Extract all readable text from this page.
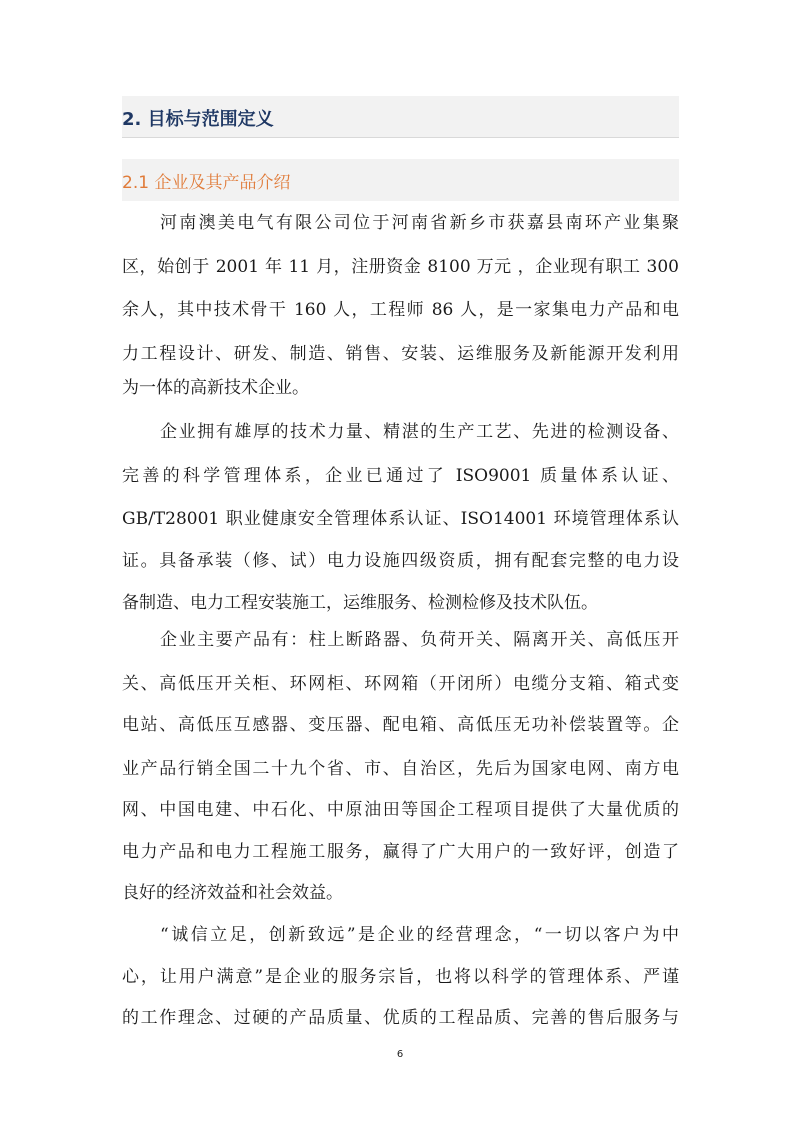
2. 目标与范围定义
2.1 企业及其产品介绍
河南澳美电气有限公司位于河南省新乡市获嘉县南环产业集聚
区，始创于 2001 年 11 月，注册资金 8100 万元 ，企业现有职工 300
余人，其中技术骨干 160 人，工程师 86 人，是一家集电力产品和电
力工程设计、研发、制造、销售、安装、运维服务及新能源开发利用
为一体的高新技术企业。
企业拥有雄厚的技术力量、精湛的生产工艺、先进的检测设备、
完善的科学管理体系，企业已通过了 ISO9001 质量体系认证、
GB/T28001 职业健康安全管理体系认证、ISO14001 环境管理体系认
证。具备承装（修、试）电力设施四级资质，拥有配套完整的电力设
备制造、电力工程安装施工，运维服务、检测检修及技术队伍。
企业主要产品有：柱上断路器、负荷开关、隔离开关、高低压开
关、高低压开关柜、环网柜、环网箱（开闭所）电缆分支箱、箱式变
电站、高低压互感器、变压器、配电箱、高低压无功补偿装置等。企
业产品行销全国二十九个省、市、自治区，先后为国家电网、南方电
网、中国电建、中石化、中原油田等国企工程项目提供了大量优质的
电力产品和电力工程施工服务，赢得了广大用户的一致好评，创造了
良好的经济效益和社会效益。
“诚信立足，创新致远”是企业的经营理念，“一切以客户为中
心，让用户满意”是企业的服务宗旨，也将以科学的管理体系、严谨
的工作理念、过硬的产品质量、优质的工程品质、完善的售后服务与
6
